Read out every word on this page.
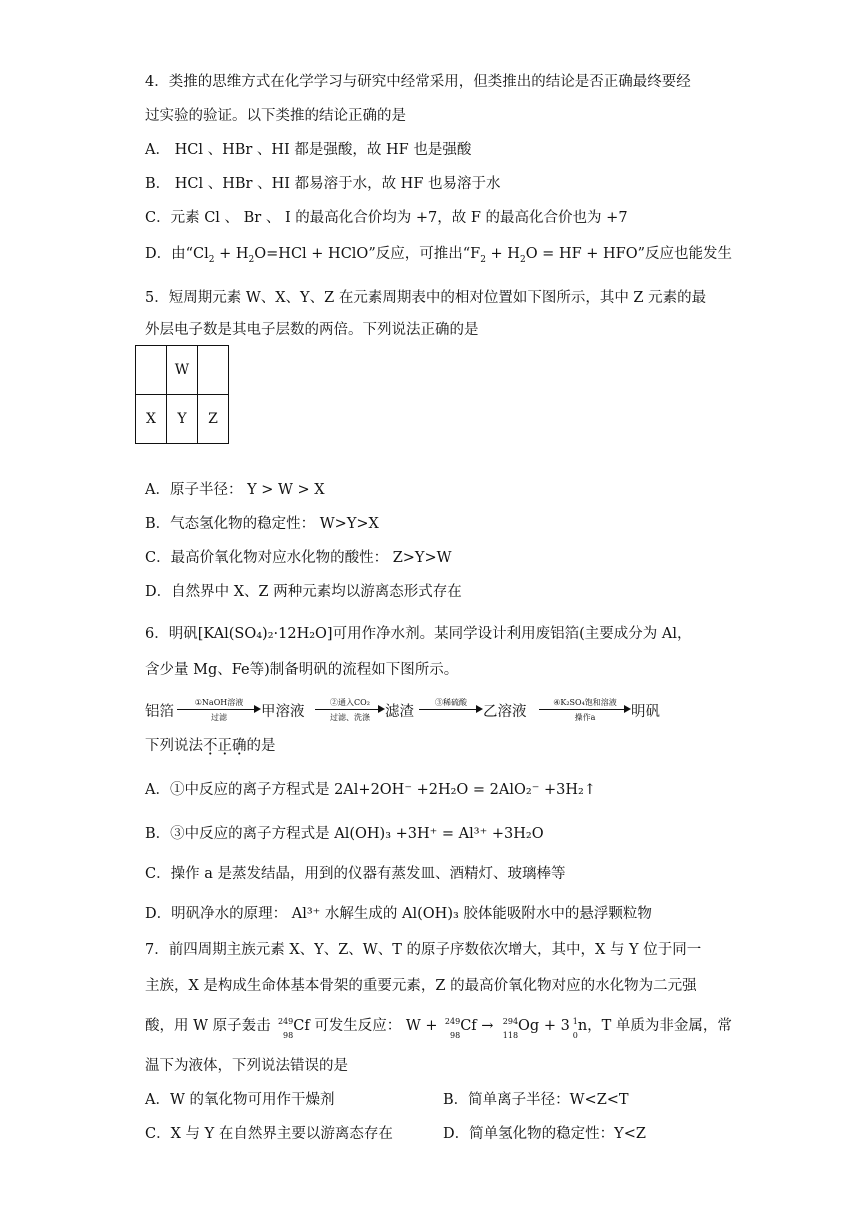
4．类推的思维方式在化学学习与研究中经常采用，但类推出的结论是否正确最终要经
过实验的验证。以下类推的结论正确的是
A． HCl 、HBr 、HI 都是强酸，故 HF 也是强酸
B． HCl 、HBr 、HI 都易溶于水，故 HF 也易溶于水
C．元素 Cl 、 Br 、 I 的最高化合价均为 +7，故 F 的最高化合价也为 +7
D．由“$Cl_2 + H_2O=HCl$ + HClO”反应，可推出“$F_2 + H_2O$ = HF + HFO”反应也能发生
5．短周期元素 W、X、Y、Z 在元素周期表中的相对位置如下图所示，其中 Z 元素的最
外层电子数是其电子层数的两倍。下列说法正确的是
	W	
X	Y	Z
A．原子半径： Y > W > X
B．气态氢化物的稳定性： W>Y>X
C．最高价氧化物对应水化物的酸性： Z>Y>W
D．自然界中 X、Z 两种元素均以游离态形式存在
6．明矾[KAl(SO₄)₂·12H₂O]可用作净水剂。某同学设计利用废铝箔(主要成分为 Al，
含少量 Mg、Fe等)制备明矾的流程如下图所示。
铝箔
①NaOH溶液
过滤	甲溶液
②通入CO₂
过滤、洗涤	滤渣
③稀硫酸
乙溶液
④K₂SO₄饱和溶液
操作a	明矾
下列说法不正确的是
A．①中反应的离子方程式是 2Al+2OH⁻ +2H₂O = 2AlO₂⁻ +3H₂↑
B．③中反应的离子方程式是 Al(OH)₃ +3H⁺ = Al³⁺ +3H₂O
C．操作 a 是蒸发结晶，用到的仪器有蒸发皿、酒精灯、玻璃棒等
D．明矾净水的原理： Al³⁺ 水解生成的 Al(OH)₃ 胶体能吸附水中的悬浮颗粒物
7．前四周期主族元素 X、Y、Z、W、T 的原子序数依次增大，其中，X 与 Y 位于同一
主族，X 是构成生命体基本骨架的重要元素，Z 的最高价氧化物对应的水化物为二元强
酸，用 W 原子轰击 249
98
Cf 可发生反应： W + 249
98
Cf → 294
118
Og + 3 1
0
n，T 单质为非金属，常
温下为液体，下列说法错误的是
A．W 的氧化物可用作干燥剂	B．简单离子半径：W<Z<T
C．X 与 Y 在自然界主要以游离态存在	D．简单氢化物的稳定性：Y<Z
